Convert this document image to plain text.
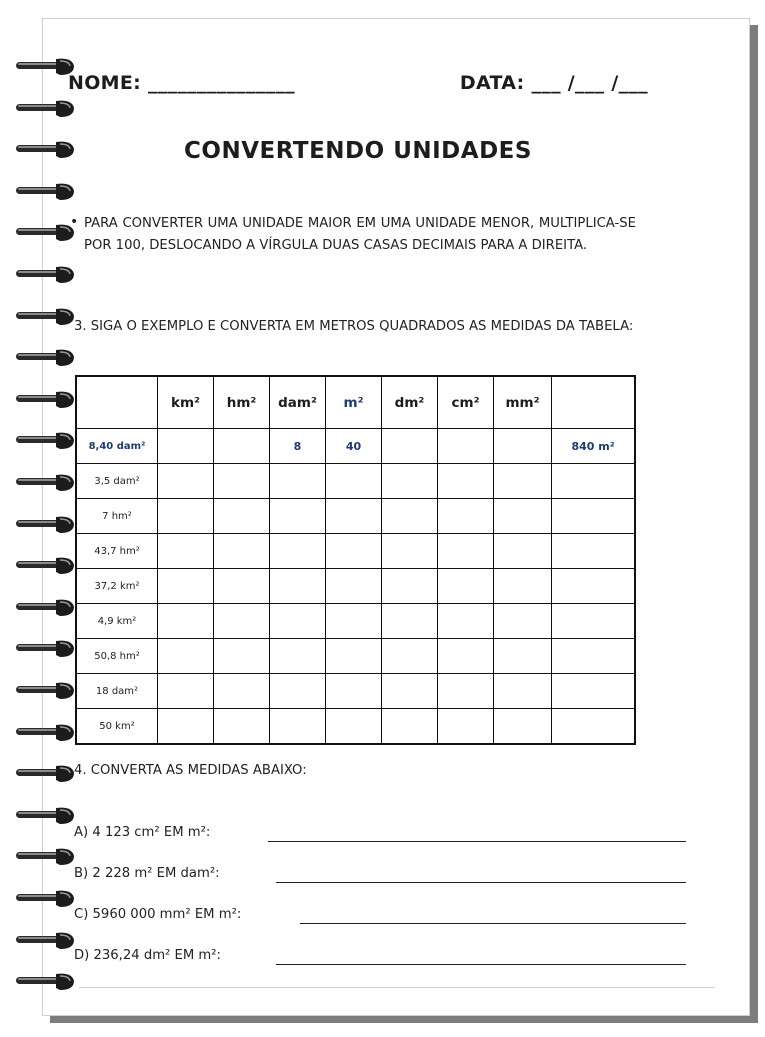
NOME: _______________	DATA: ___ /___ /___
CONVERTENDO UNIDADES
• PARA CONVERTER UMA UNIDADE MAIOR EM UMA UNIDADE MENOR, MULTIPLICA-SE POR 100, DESLOCANDO A VÍRGULA DUAS CASAS DECIMAIS PARA A DIREITA.
3. SIGA O EXEMPLO E CONVERTA EM METROS QUADRADOS AS MEDIDAS DA TABELA:
	km²	hm²	dam²	m²	dm²	cm²	mm²	
8,40 dam²			8	40				840 m²
3,5 dam²								
7 hm²								
43,7 hm²								
37,2 km²								
4,9 km²								
50,8 hm²								
18 dam²								
50 km²								
4. CONVERTA AS MEDIDAS ABAIXO:
A) 4 123 cm² EM m²:
B) 2 228 m² EM dam²:
C) 5960 000 mm² EM m²:
D) 236,24 dm² EM m²:
